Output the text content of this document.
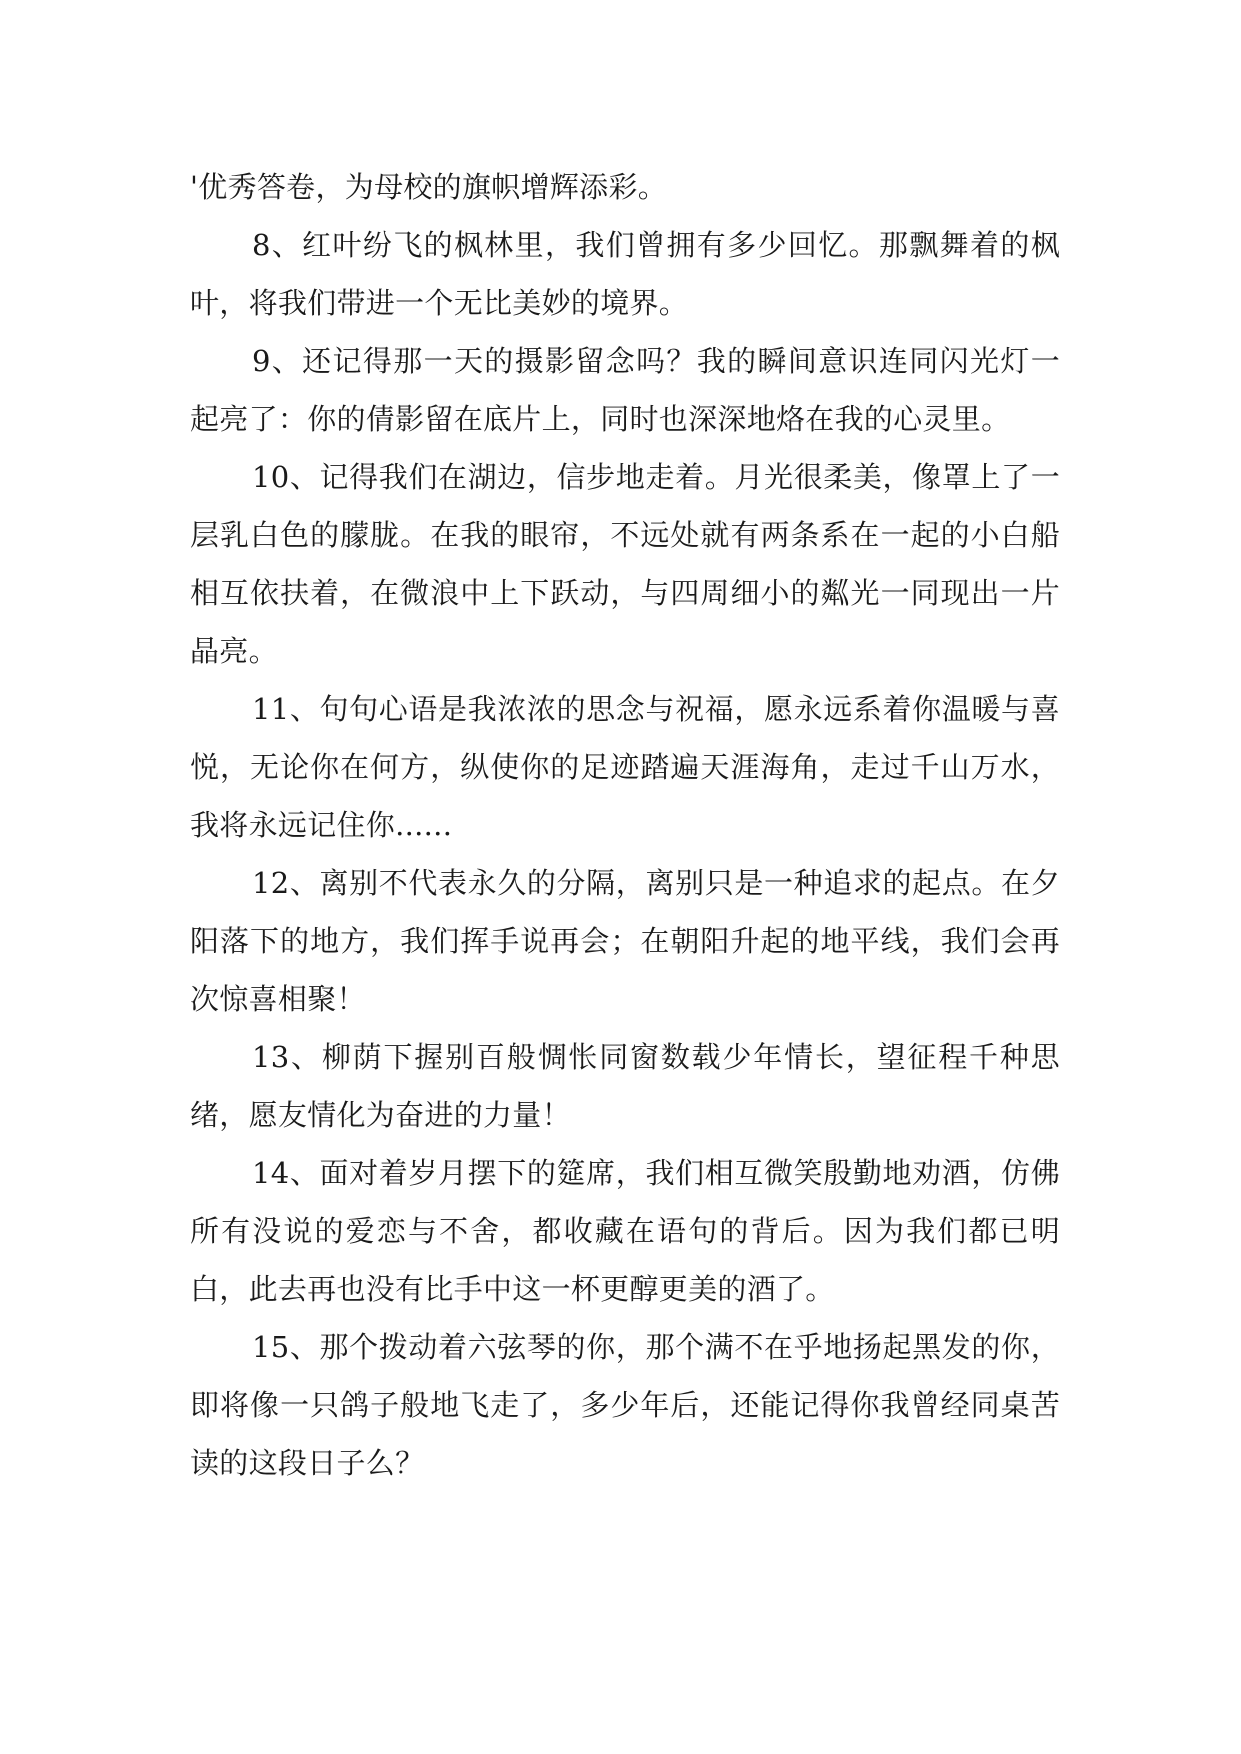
'优秀答卷，为母校的旗帜增辉添彩。

8、红叶纷飞的枫林里，我们曾拥有多少回忆。那飘舞着的枫叶，将我们带进一个无比美妙的境界。

9、还记得那一天的摄影留念吗？我的瞬间意识连同闪光灯一起亮了：你的倩影留在底片上，同时也深深地烙在我的心灵里。

10、记得我们在湖边，信步地走着。月光很柔美，像罩上了一层乳白色的朦胧。在我的眼帘，不远处就有两条系在一起的小白船相互依扶着，在微浪中上下跃动，与四周细小的粼光一同现出一片晶亮。

11、句句心语是我浓浓的思念与祝福，愿永远系着你温暖与喜悦，无论你在何方，纵使你的足迹踏遍天涯海角，走过千山万水，我将永远记住你......

12、离别不代表永久的分隔，离别只是一种追求的起点。在夕阳落下的地方，我们挥手说再会；在朝阳升起的地平线，我们会再次惊喜相聚！

13、柳荫下握别百般惆怅同窗数载少年情长，望征程千种思绪，愿友情化为奋进的力量！

14、面对着岁月摆下的筵席，我们相互微笑殷勤地劝酒，仿佛所有没说的爱恋与不舍，都收藏在语句的背后。因为我们都已明白，此去再也没有比手中这一杯更醇更美的酒了。

15、那个拨动着六弦琴的你，那个满不在乎地扬起黑发的你，即将像一只鸽子般地飞走了，多少年后，还能记得你我曾经同桌苦读的这段日子么？
